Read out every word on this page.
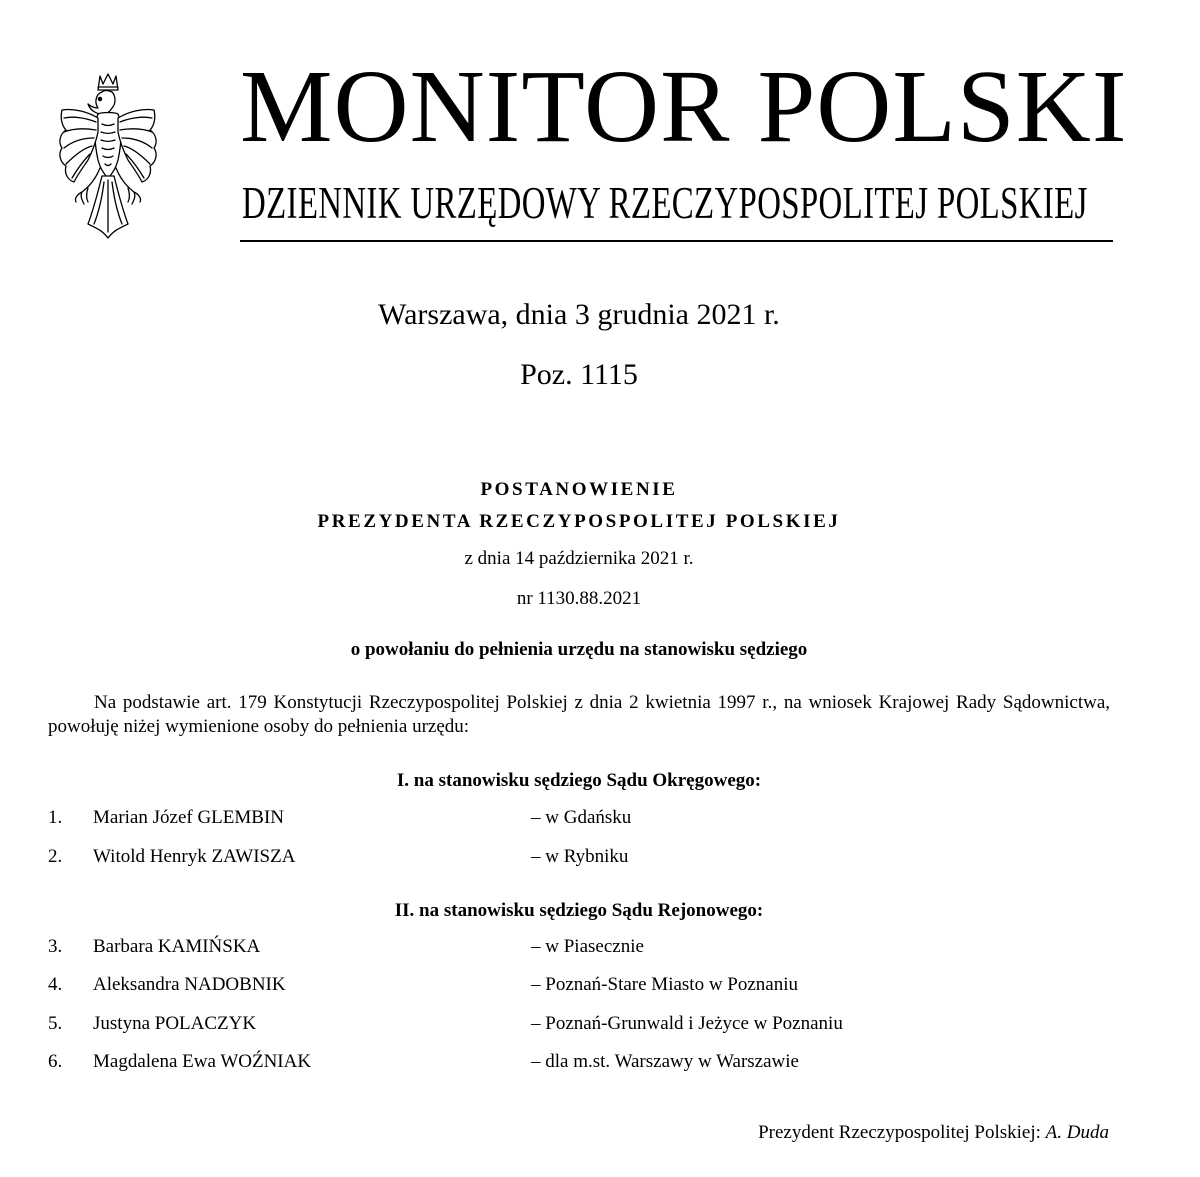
MONITOR POLSKI
DZIENNIK URZĘDOWY RZECZYPOSPOLITEJ POLSKIEJ
Warszawa, dnia 3 grudnia 2021 r.
Poz. 1115
POSTANOWIENIE
PREZYDENTA RZECZYPOSPOLITEJ POLSKIEJ
z dnia 14 października 2021 r.
nr 1130.88.2021
o powołaniu do pełnienia urzędu na stanowisku sędziego
Na podstawie art. 179 Konstytucji Rzeczypospolitej Polskiej z dnia 2 kwietnia 1997 r., na wniosek Krajowej Rady Sądownictwa, powołuję niżej wymienione osoby do pełnienia urzędu:
I. na stanowisku sędziego Sądu Okręgowego:
1. Marian Józef GLEMBIN	– w Gdańsku
2. Witold Henryk ZAWISZA	– w Rybniku
II. na stanowisku sędziego Sądu Rejonowego:
3. Barbara KAMIŃSKA	– w Piasecznie
4. Aleksandra NADOBNIK	– Poznań-Stare Miasto w Poznaniu
5. Justyna POLACZYK	– Poznań-Grunwald i Jeżyce w Poznaniu
6. Magdalena Ewa WOŹNIAK	– dla m.st. Warszawy w Warszawie
Prezydent Rzeczypospolitej Polskiej: A. Duda
